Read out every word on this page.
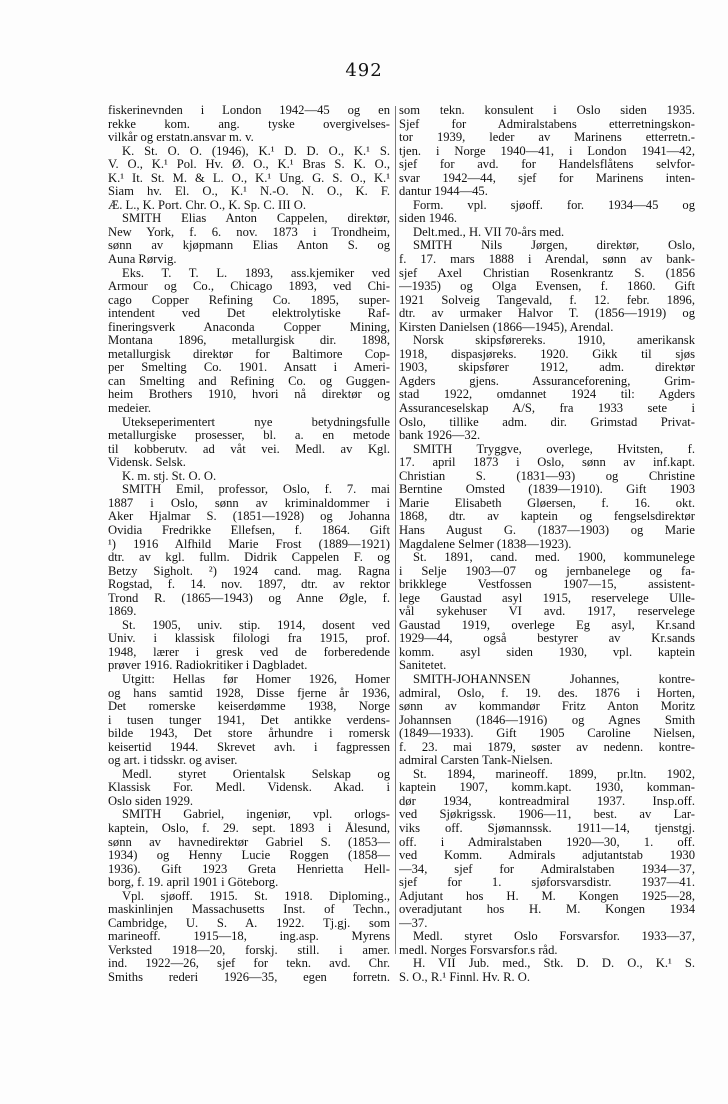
492
fiskerinevnden i London 1942—45 og en
rekke kom. ang. tyske overgivelses-
vilkår og erstatn.ansvar m. v.
K. St. O. O. (1946), K.¹ D. D. O., K.¹ S.
V. O., K.¹ Pol. Hv. Ø. O., K.¹ Bras S. K. O.,
K.¹ It. St. M. & L. O., K.¹ Ung. G. S. O., K.¹
Siam hv. El. O., K.¹ N.-O. N. O., K. F.
Æ. L., K. Port. Chr. O., K. Sp. C. III O.
SMITH Elias Anton Cappelen, direktør,
New York, f. 6. nov. 1873 i Trondheim,
sønn av kjøpmann Elias Anton S. og
Auna Rørvig.
Eks. T. T. L. 1893, ass.kjemiker ved
Armour og Co., Chicago 1893, ved Chi-
cago Copper Refining Co. 1895, super-
intendent ved Det elektrolytiske Raf-
fineringsverk Anaconda Copper Mining,
Montana 1896, metallurgisk dir. 1898,
metallurgisk direktør for Baltimore Cop-
per Smelting Co. 1901. Ansatt i Ameri-
can Smelting and Refining Co. og Guggen-
heim Brothers 1910, hvori nå direktør og
medeier.
Utekseperimentert nye betydningsfulle
metallurgiske prosesser, bl. a. en metode
til kobberutv. ad våt vei. Medl. av Kgl.
Vidensk. Selsk.
K. m. stj. St. O. O.
SMITH Emil, professor, Oslo, f. 7. mai
1887 i Oslo, sønn av kriminaldommer i
Aker Hjalmar S. (1851—1928) og Johanna
Ovidia Fredrikke Ellefsen, f. 1864. Gift
¹) 1916 Alfhild Marie Frost (1889—1921)
dtr. av kgl. fullm. Didrik Cappelen F. og
Betzy Sigholt. ²) 1924 cand. mag. Ragna
Rogstad, f. 14. nov. 1897, dtr. av rektor
Trond R. (1865—1943) og Anne Øgle, f.
1869.
St. 1905, univ. stip. 1914, dosent ved
Univ. i klassisk filologi fra 1915, prof.
1948, lærer i gresk ved de forberedende
prøver 1916. Radiokritiker i Dagbladet.
Utgitt: Hellas før Homer 1926, Homer
og hans samtid 1928, Disse fjerne år 1936,
Det romerske keiserdømme 1938, Norge
i tusen tunger 1941, Det antikke verdens-
bilde 1943, Det store århundre i romersk
keisertid 1944. Skrevet avh. i fagpressen
og art. i tidsskr. og aviser.
Medl. styret Orientalsk Selskap og
Klassisk For. Medl. Vidensk. Akad. i
Oslo siden 1929.
SMITH Gabriel, ingeniør, vpl. orlogs-
kaptein, Oslo, f. 29. sept. 1893 i Ålesund,
sønn av havnedirektør Gabriel S. (1853—
1934) og Henny Lucie Roggen (1858—
1936). Gift 1923 Greta Henrietta Hell-
borg, f. 19. april 1901 i Göteborg.
Vpl. sjøoff. 1915. St. 1918. Diploming.,
maskinlinjen Massachusetts Inst. of Techn.,
Cambridge, U. S. A. 1922. Tj.gj. som
marineoff. 1915—18, ing.asp. Myrens
Verksted 1918—20, forskj. still. i amer.
ind. 1922—26, sjef for tekn. avd. Chr.
Smiths rederi 1926—35, egen forretn.
som tekn. konsulent i Oslo siden 1935.
Sjef for Admiralstabens etterretningskon-
tor 1939, leder av Marinens etterretn.-
tjen. i Norge 1940—41, i London 1941—42,
sjef for avd. for Handelsflåtens selvfor-
svar 1942—44, sjef for Marinens inten-
dantur 1944—45.
Form. vpl. sjøoff. for. 1934—45 og
siden 1946.
Delt.med., H. VII 70-års med.
SMITH Nils Jørgen, direktør, Oslo,
f. 17. mars 1888 i Arendal, sønn av bank-
sjef Axel Christian Rosenkrantz S. (1856
—1935) og Olga Evensen, f. 1860. Gift
1921 Solveig Tangevald, f. 12. febr. 1896,
dtr. av urmaker Halvor T. (1856—1919) og
Kirsten Danielsen (1866—1945), Arendal.
Norsk skipsførereks. 1910, amerikansk
1918, dispasjøreks. 1920. Gikk til sjøs
1903, skipsfører 1912, adm. direktør
Agders gjens. Assuranceforening, Grim-
stad 1922, omdannet 1924 til: Agders
Assuranceselskap A/S, fra 1933 sete i
Oslo, tillike adm. dir. Grimstad Privat-
bank 1926—32.
SMITH Tryggve, overlege, Hvitsten, f.
17. april 1873 i Oslo, sønn av inf.kapt.
Christian S. (1831—93) og Christine
Berntine Omsted (1839—1910). Gift 1903
Marie Elisabeth Gløersen, f. 16. okt.
1868, dtr. av kaptein og fengselsdirektør
Hans August G. (1837—1903) og Marie
Magdalene Selmer (1838—1923).
St. 1891, cand. med. 1900, kommunelege
i Selje 1903—07 og jernbanelege og fa-
brikklege Vestfossen 1907—15, assistent-
lege Gaustad asyl 1915, reservelege Ulle-
vål sykehuser VI avd. 1917, reservelege
Gaustad 1919, overlege Eg asyl, Kr.sand
1929—44, også bestyrer av Kr.sands
komm. asyl siden 1930, vpl. kaptein
Sanitetet.
SMITH-JOHANNSEN Johannes, kontre-
admiral, Oslo, f. 19. des. 1876 i Horten,
sønn av kommandør Fritz Anton Moritz
Johannsen (1846—1916) og Agnes Smith
(1849—1933). Gift 1905 Caroline Nielsen,
f. 23. mai 1879, søster av nedenn. kontre-
admiral Carsten Tank-Nielsen.
St. 1894, marineoff. 1899, pr.ltn. 1902,
kaptein 1907, komm.kapt. 1930, komman-
dør 1934, kontreadmiral 1937. Insp.off.
ved Sjøkrigssk. 1906—11, best. av Lar-
viks off. Sjømannssk. 1911—14, tjenstgj.
off. i Admiralstaben 1920—30, 1. off.
ved Komm. Admirals adjutantstab 1930
—34, sjef for Admiralstaben 1934—37,
sjef for 1. sjøforsvarsdistr. 1937—41.
Adjutant hos H. M. Kongen 1925—28,
overadjutant hos H. M. Kongen 1934
—37.
Medl. styret Oslo Forsvarsfor. 1933—37,
medl. Norges Forsvarsfor.s råd.
H. VII Jub. med., Stk. D. D. O., K.¹ S.
S. O., R.¹ Finnl. Hv. R. O.
